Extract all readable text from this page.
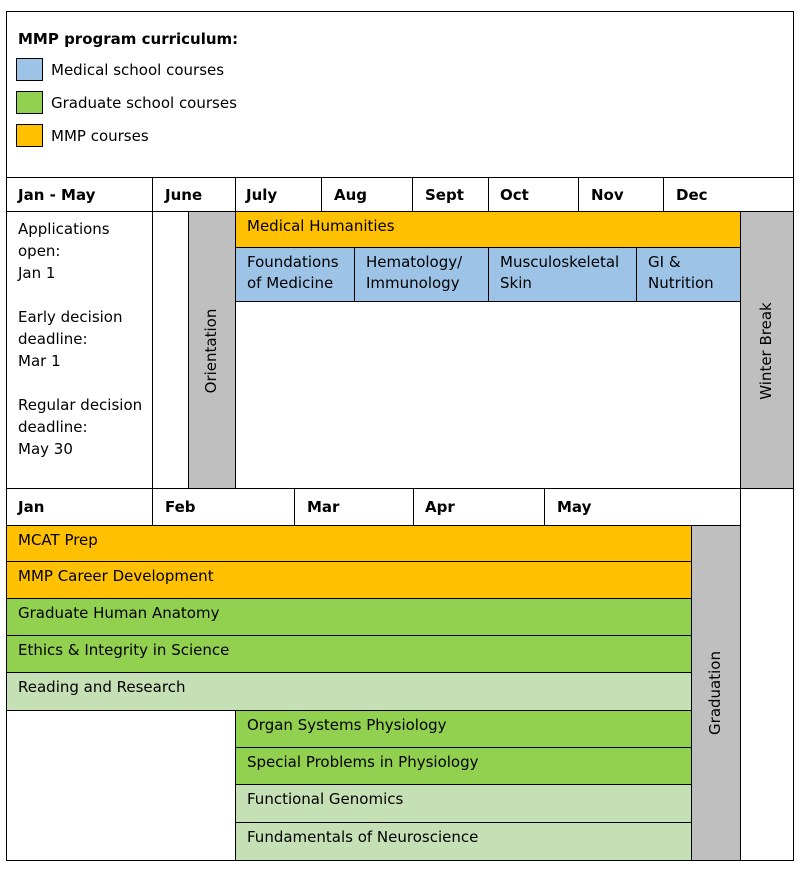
MMP program curriculum:
Medical school courses
Graduate school courses
MMP courses
Jan - May	June	July	Aug	Sept Oct	Nov	Dec
Applications
open:
Jan 1
Early decision
deadline:
Mar 1
Regular decision
deadline:
May 30
Orientation
Medical Humanities
Foundations
of Medicine
Hematology/
Immunology
Musculoskeletal
Skin
GI &
Nutrition
Winter Break
Jan	Feb	Mar	Apr	May
MCAT Prep
MMP Career Development
Graduate Human Anatomy
Ethics & Integrity in Science
Reading and Research
Organ Systems Physiology
Special Problems in Physiology
Functional Genomics
Fundamentals of Neuroscience
Graduation
